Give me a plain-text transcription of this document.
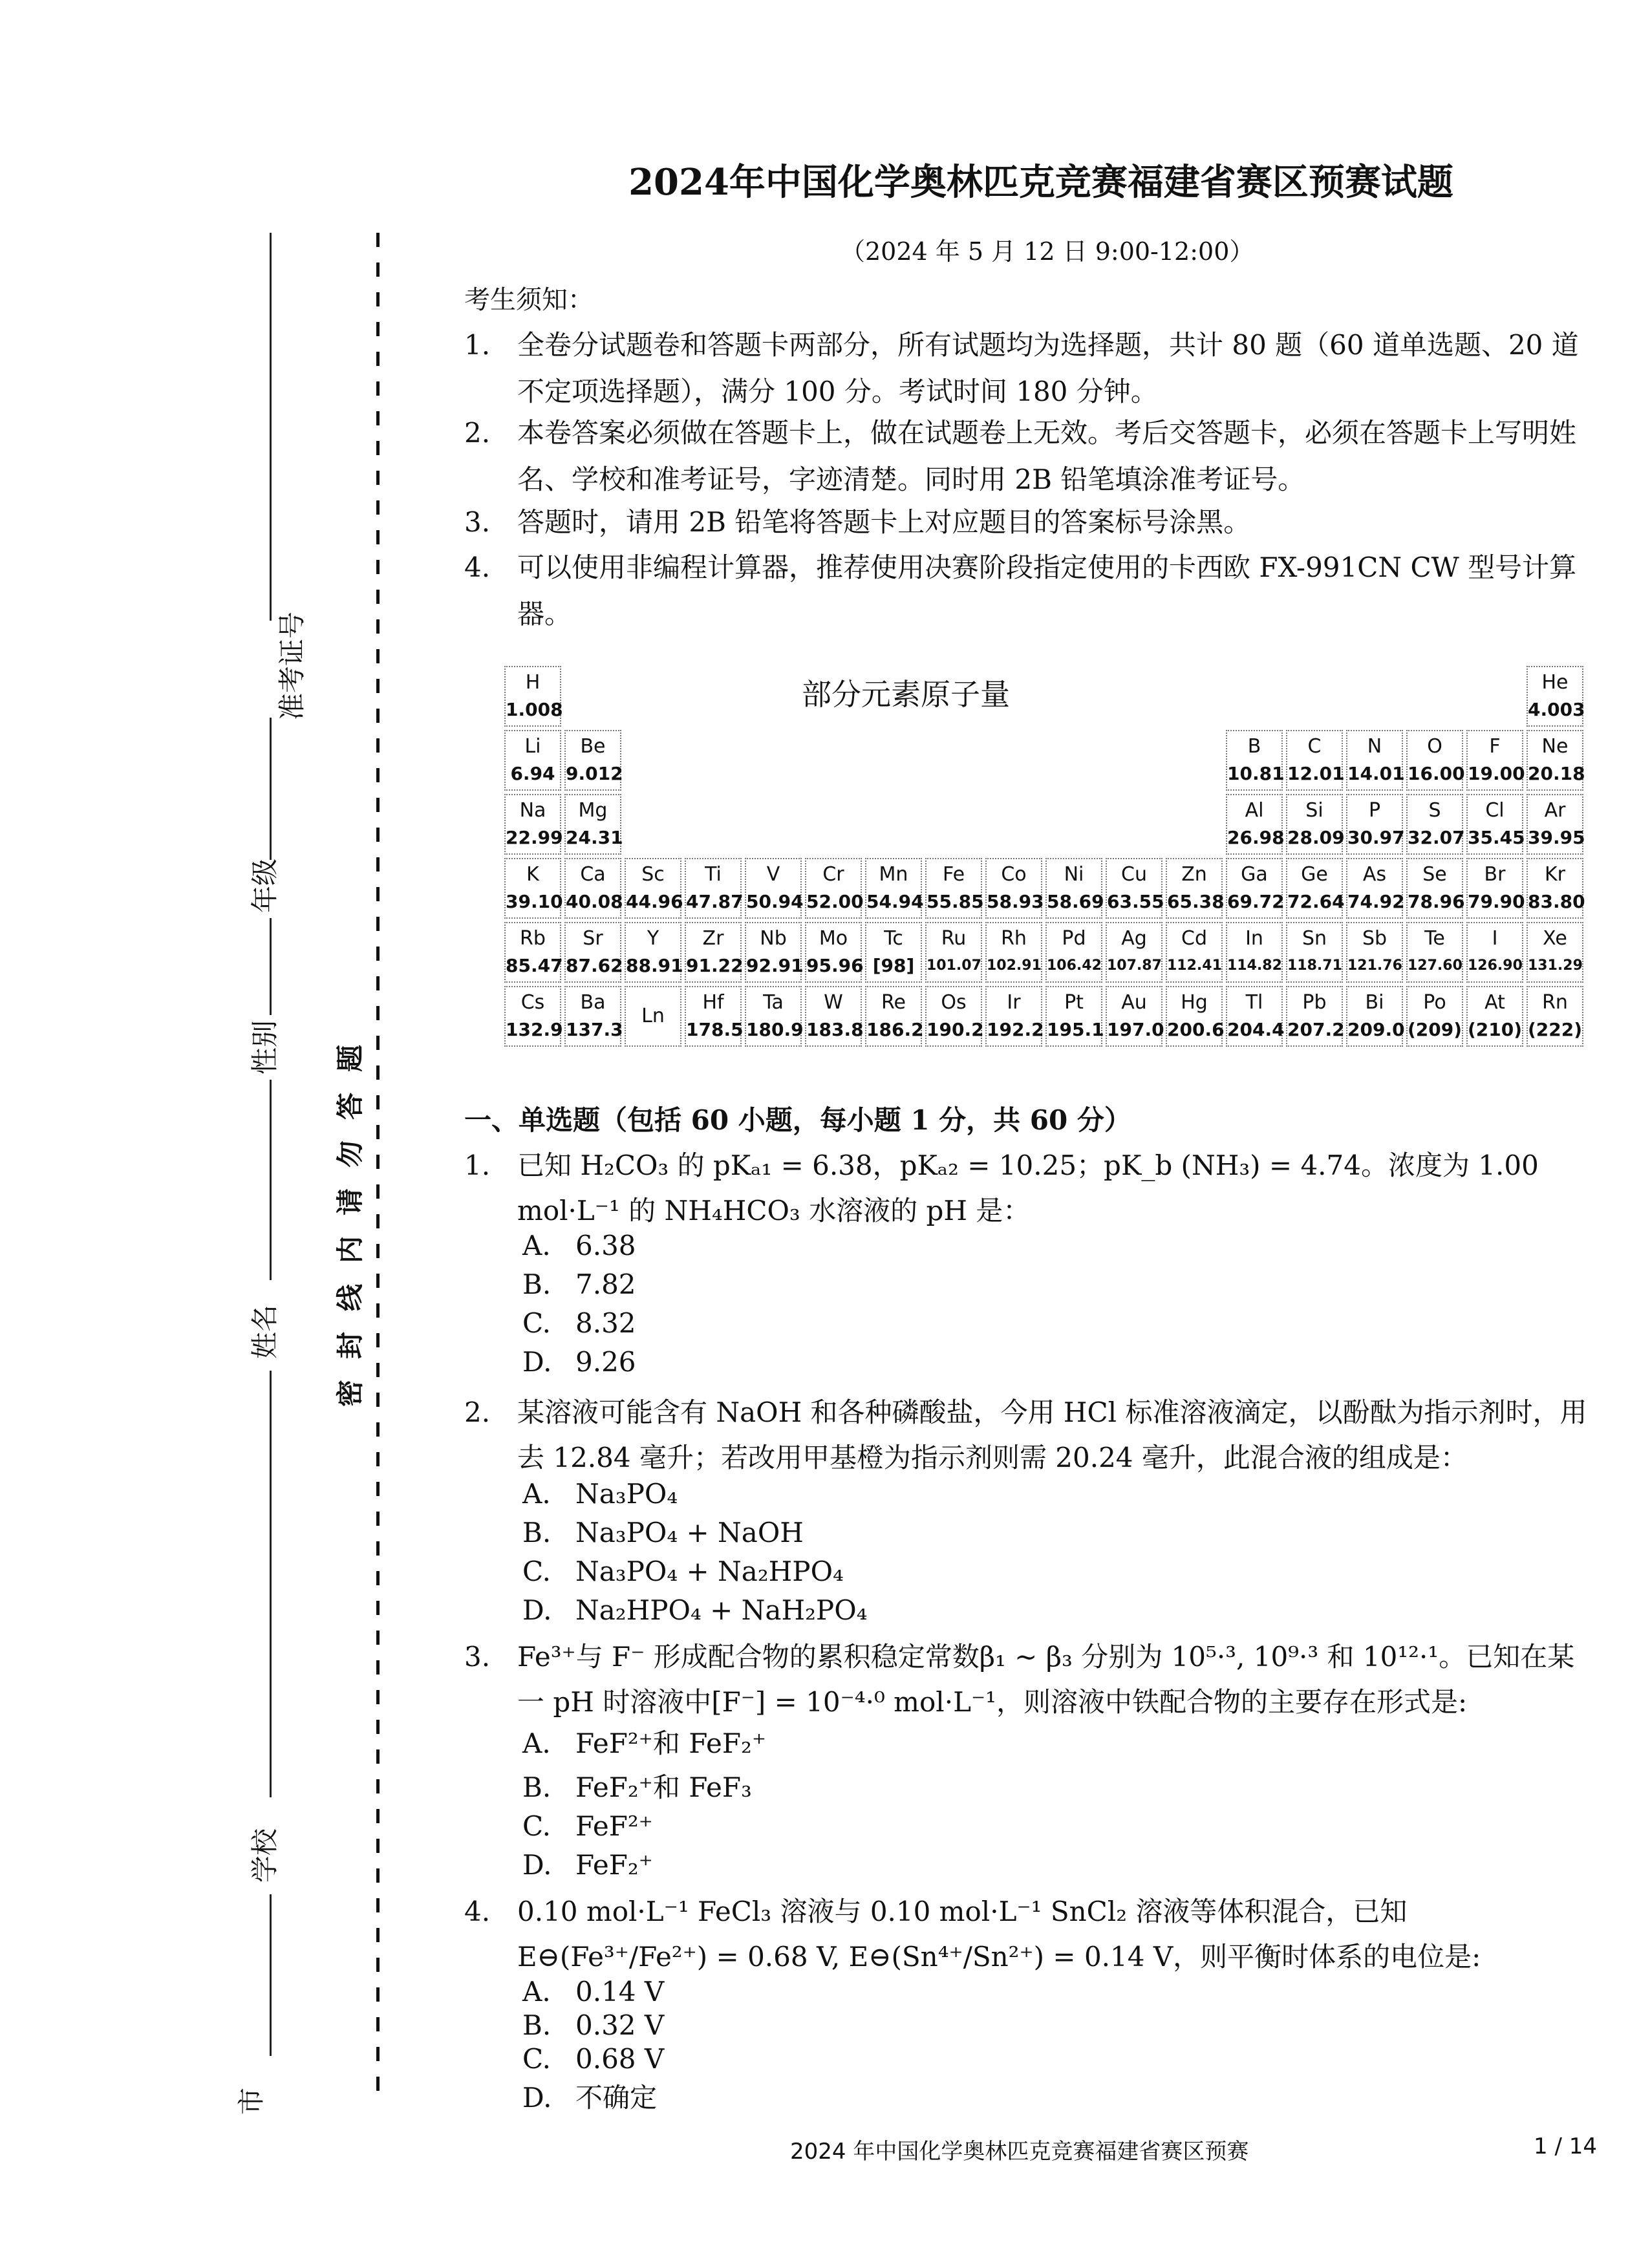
2024年中国化学奥林匹克竞赛福建省赛区预赛试题
（2024 年 5 月 12 日 9:00-12:00）
考生须知：
1. 全卷分试题卷和答题卡两部分，所有试题均为选择题，共计 80 题（60 道单选题、20 道不定项选择题），满分 100 分。考试时间 180 分钟。
2. 本卷答案必须做在答题卡上，做在试题卷上无效。考后交答题卡，必须在答题卡上写明姓名、学校和准考证号，字迹清楚。同时用 2B 铅笔填涂准考证号。
3. 答题时，请用 2B 铅笔将答题卡上对应题目的答案标号涂黑。
4. 可以使用非编程计算器，推荐使用决赛阶段指定使用的卡西欧 FX-991CN CW 型号计算器。
准考证号
年级
性别
姓名
学校
市
题
答
勿
请
内
线
封
密
部分元素原子量
H
1.008
He
4.003
Li
6.94
Be
9.012
B
10.81
C
12.01
N
14.01
O
16.00
F
19.00
Ne
20.18
Na
22.99
Mg
24.31
Al
26.98
Si
28.09
P
30.97
S
32.07
Cl
35.45
Ar
39.95
K
39.10
Ca
40.08
Sc
44.96
Ti
47.87
V
50.94
Cr
52.00
Mn
54.94
Fe
55.85
Co
58.93
Ni
58.69
Cu
63.55
Zn
65.38
Ga
69.72
Ge
72.64
As
74.92
Se
78.96
Br
79.90
Kr
83.80
Rb
85.47
Sr
87.62
Y
88.91
Zr
91.22
Nb
92.91
Mo
95.96
Tc
[98]
Ru
101.07
Rh
102.91
Pd
106.42
Ag
107.87
Cd
112.41
In
114.82
Sn
118.71
Sb
121.76
Te
127.60
I
126.90
Xe
131.29
Cs
132.9
Ba
137.3
Ln
Hf
178.5
Ta
180.9
W
183.8
Re
186.2
Os
190.2
Ir
192.2
Pt
195.1
Au
197.0
Hg
200.6
Tl
204.4
Pb
207.2
Bi
209.0
Po
(209)
At
(210)
Rn
(222)
一、单选题（包括 60 小题，每小题 1 分，共 60 分）
1. 已知 H₂CO₃ 的 pKₐ₁ = 6.38，pKₐ₂ = 10.25；pK_b (NH₃) = 4.74。浓度为 1.00 mol·L⁻¹ 的 NH₄HCO₃ 水溶液的 pH 是：
A. 6.38
B. 7.82
C. 8.32
D. 9.26
2. 某溶液可能含有 NaOH 和各种磷酸盐，今用 HCl 标准溶液滴定，以酚酞为指示剂时，用去 12.84 毫升；若改用甲基橙为指示剂则需 20.24 毫升，此混合液的组成是：
A. Na₃PO₄
B. Na₃PO₄ + NaOH
C. Na₃PO₄ + Na₂HPO₄
D. Na₂HPO₄ + NaH₂PO₄
3. Fe³⁺与 F⁻ 形成配合物的累积稳定常数β₁ ~ β₃ 分别为 10⁵·³, 10⁹·³ 和 10¹²·¹。已知在某一 pH 时溶液中[F⁻] = 10⁻⁴·⁰ mol·L⁻¹，则溶液中铁配合物的主要存在形式是:
A. FeF²⁺和 FeF₂⁺
B. FeF₂⁺和 FeF₃
C. FeF²⁺
D. FeF₂⁺
4. 0.10 mol·L⁻¹ FeCl₃ 溶液与 0.10 mol·L⁻¹ SnCl₂ 溶液等体积混合，已知 E⊖(Fe³⁺/Fe²⁺) = 0.68 V, E⊖(Sn⁴⁺/Sn²⁺) = 0.14 V，则平衡时体系的电位是:
A. 0.14 V
B. 0.32 V
C. 0.68 V
D. 不确定
2024 年中国化学奥林匹克竞赛福建省赛区预赛	1 / 14
